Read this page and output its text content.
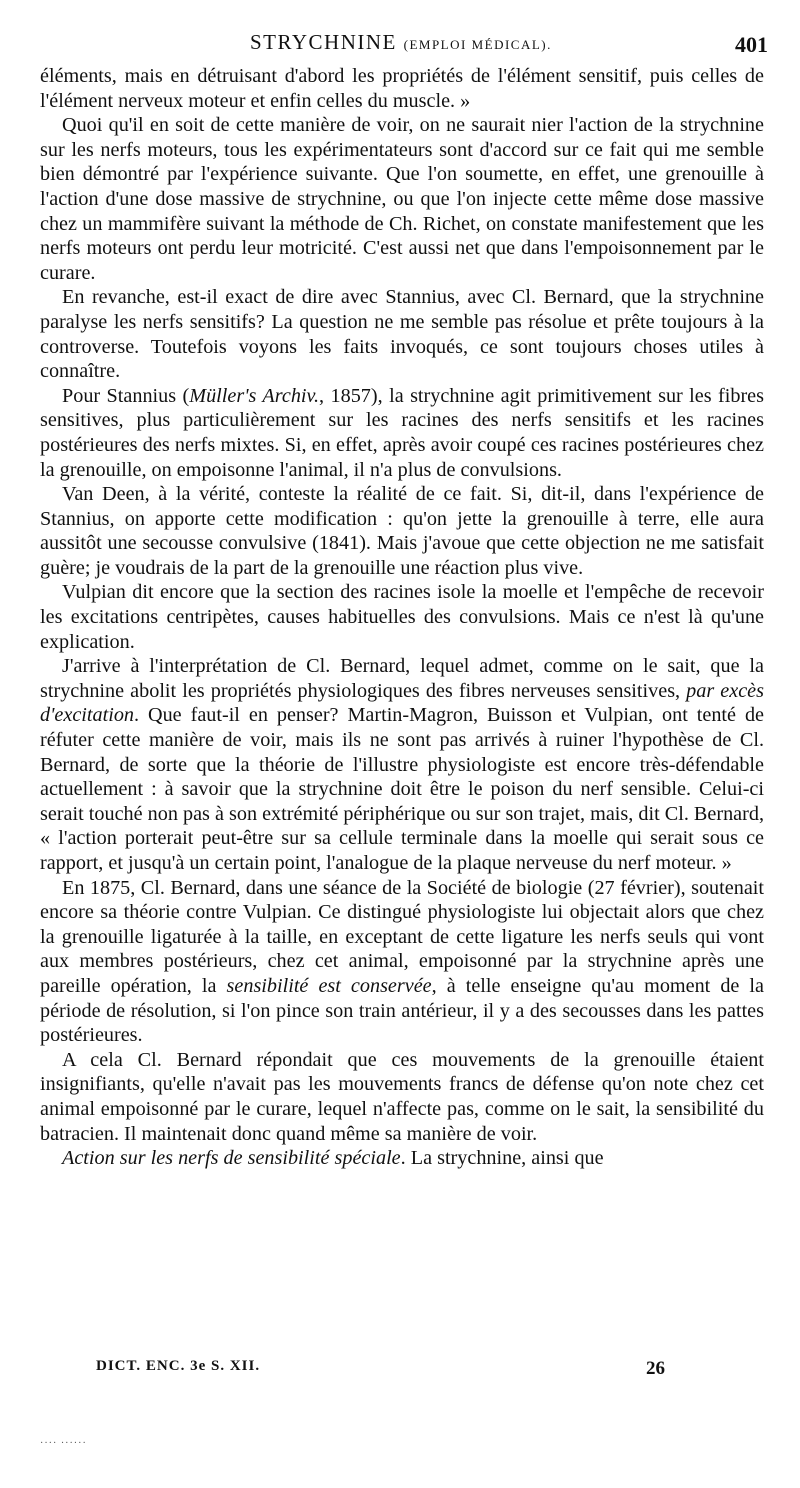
STRYCHNINE (EMPLOI MÉDICAL).	401

éléments, mais en détruisant d'abord les propriétés de l'élément sensitif, puis celles de l'élément nerveux moteur et enfin celles du muscle. »

Quoi qu'il en soit de cette manière de voir, on ne saurait nier l'action de la strychnine sur les nerfs moteurs, tous les expérimentateurs sont d'accord sur ce fait qui me semble bien démontré par l'expérience suivante. Que l'on soumette, en effet, une grenouille à l'action d'une dose massive de strychnine, ou que l'on injecte cette même dose massive chez un mammifère suivant la méthode de Ch. Richet, on constate manifestement que les nerfs moteurs ont perdu leur motricité. C'est aussi net que dans l'empoisonnement par le curare.

En revanche, est-il exact de dire avec Stannius, avec Cl. Bernard, que la strychnine paralyse les nerfs sensitifs? La question ne me semble pas résolue et prête toujours à la controverse. Toutefois voyons les faits invoqués, ce sont toujours choses utiles à connaître.

Pour Stannius (Müller's Archiv., 1857), la strychnine agit primitivement sur les fibres sensitives, plus particulièrement sur les racines des nerfs sensitifs et les racines postérieures des nerfs mixtes. Si, en effet, après avoir coupé ces racines postérieures chez la grenouille, on empoisonne l'animal, il n'a plus de convulsions.

Van Deen, à la vérité, conteste la réalité de ce fait. Si, dit-il, dans l'expérience de Stannius, on apporte cette modification : qu'on jette la grenouille à terre, elle aura aussitôt une secousse convulsive (1841). Mais j'avoue que cette objection ne me satisfait guère; je voudrais de la part de la grenouille une réaction plus vive.

Vulpian dit encore que la section des racines isole la moelle et l'empêche de recevoir les excitations centripètes, causes habituelles des convulsions. Mais ce n'est là qu'une explication.

J'arrive à l'interprétation de Cl. Bernard, lequel admet, comme on le sait, que la strychnine abolit les propriétés physiologiques des fibres nerveuses sensitives, par excès d'excitation. Que faut-il en penser? Martin-Magron, Buisson et Vulpian, ont tenté de réfuter cette manière de voir, mais ils ne sont pas arrivés à ruiner l'hypothèse de Cl. Bernard, de sorte que la théorie de l'illustre physiologiste est encore très-défendable actuellement : à savoir que la strychnine doit être le poison du nerf sensible. Celui-ci serait touché non pas à son extrémité périphérique ou sur son trajet, mais, dit Cl. Bernard, « l'action porterait peut-être sur sa cellule terminale dans la moelle qui serait sous ce rapport, et jusqu'à un certain point, l'analogue de la plaque nerveuse du nerf moteur. »

En 1875, Cl. Bernard, dans une séance de la Société de biologie (27 février), soutenait encore sa théorie contre Vulpian. Ce distingué physiologiste lui objectait alors que chez la grenouille ligaturée à la taille, en exceptant de cette ligature les nerfs seuls qui vont aux membres postérieurs, chez cet animal, empoisonné par la strychnine après une pareille opération, la sensibilité est conservée, à telle enseigne qu'au moment de la période de résolution, si l'on pince son train antérieur, il y a des secousses dans les pattes postérieures.

A cela Cl. Bernard répondait que ces mouvements de la grenouille étaient insignifiants, qu'elle n'avait pas les mouvements francs de défense qu'on note chez cet animal empoisonné par le curare, lequel n'affecte pas, comme on le sait, la sensibilité du batracien. Il maintenait donc quand même sa manière de voir.

Action sur les nerfs de sensibilité spéciale. La strychnine, ainsi que

DICT. ENC. 3e S. XII.	26
···· ······
